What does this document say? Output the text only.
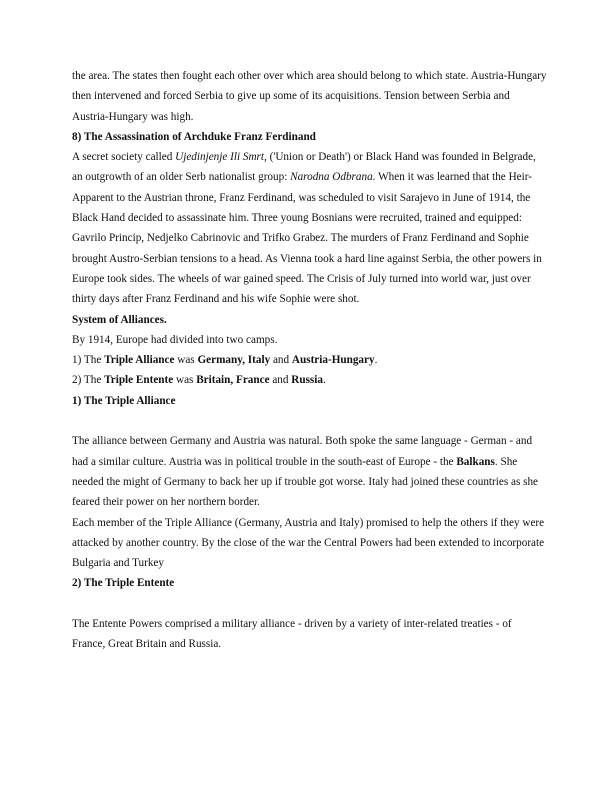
the area. The states then fought each other over which area should belong to which state. Austria-Hungary then intervened and forced Serbia to give up some of its acquisitions. Tension between Serbia and Austria-Hungary was high.

8) The Assassination of Archduke Franz Ferdinand

A secret society called Ujedinjenje Ili Smrt, ('Union or Death') or Black Hand was founded in Belgrade, an outgrowth of an older Serb nationalist group: Narodna Odbrana. When it was learned that the Heir-Apparent to the Austrian throne, Franz Ferdinand, was scheduled to visit Sarajevo in June of 1914, the Black Hand decided to assassinate him. Three young Bosnians were recruited, trained and equipped: Gavrilo Princip, Nedjelko Cabrinovic and Trifko Grabez. The murders of Franz Ferdinand and Sophie brought Austro-Serbian tensions to a head. As Vienna took a hard line against Serbia, the other powers in Europe took sides. The wheels of war gained speed. The Crisis of July turned into world war, just over thirty days after Franz Ferdinand and his wife Sophie were shot.

System of Alliances.

By 1914, Europe had divided into two camps.

1) The Triple Alliance was Germany, Italy and Austria-Hungary.

2) The Triple Entente was Britain, France and Russia.

1) The Triple Alliance

The alliance between Germany and Austria was natural. Both spoke the same language - German - and had a similar culture. Austria was in political trouble in the south-east of Europe - the Balkans. She needed the might of Germany to back her up if trouble got worse. Italy had joined these countries as she feared their power on her northern border.

Each member of the Triple Alliance (Germany, Austria and Italy) promised to help the others if they were attacked by another country. By the close of the war the Central Powers had been extended to incorporate Bulgaria and Turkey

2) The Triple Entente

The Entente Powers comprised a military alliance - driven by a variety of inter-related treaties - of France, Great Britain and Russia.
